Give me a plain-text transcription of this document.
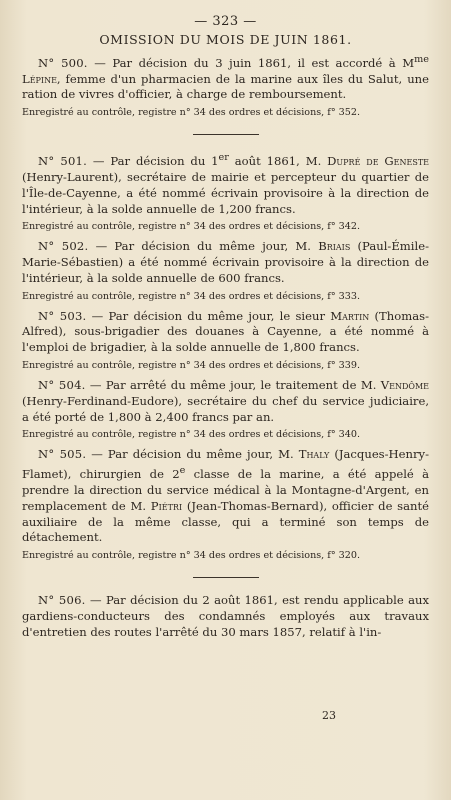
— 323 —
OMISSION DU MOIS DE JUIN 1861.

N° 500. — Par décision du 3 juin 1861, il est accordé à $M^{me}$ Lépine, femme d'un pharmacien de la marine aux îles du Salut, une ration de vivres d'officier, à charge de remboursement.

Enregistré au contrôle, registre n° 34 des ordres et décisions, f° 352.

N° 501. — Par décision du 1er août 1861, M. Dupré de Geneste (Henry-Laurent), secrétaire de mairie et percepteur du quartier de l'Île-de-Cayenne, a été nommé écrivain provisoire à la direction de l'intérieur, à la solde annuelle de 1,200 francs.

Enregistré au contrôle, registre n° 34 des ordres et décisions, f° 342.

N° 502. — Par décision du même jour, M. Briais (Paul-Émile-Marie-Sébastien) a été nommé écrivain provisoire à la direction de l'intérieur, à la solde annuelle de 600 francs.

Enregistré au contrôle, registre n° 34 des ordres et décisions, f° 333.

N° 503. — Par décision du même jour, le sieur Martin (Thomas-Alfred), sous-brigadier des douanes à Cayenne, a été nommé à l'emploi de brigadier, à la solde annuelle de 1,800 francs.

Enregistré au contrôle, registre n° 34 des ordres et décisions, f° 339.

N° 504. — Par arrêté du même jour, le traitement de M. Vendôme (Henry-Ferdinand-Eudore), secrétaire du chef du service judiciaire, a été porté de 1,800 à 2,400 francs par an.

Enregistré au contrôle, registre n° 34 des ordres et décisions, f° 340.

N° 505. — Par décision du même jour, M. Thaly (Jacques-Henry-Flamet), chirurgien de 2e classe de la marine, a été appelé à prendre la direction du service médical à la Montagne-d'Argent, en remplacement de M. Piétri (Jean-Thomas-Bernard), officier de santé auxiliaire de la même classe, qui a terminé son temps de détachement.

Enregistré au contrôle, registre n° 34 des ordres et décisions, f° 320.

N° 506. — Par décision du 2 août 1861, est rendu applicable aux gardiens-conducteurs des condamnés employés aux travaux d'entretien des routes l'arrêté du 30 mars 1857, relatif à l'in-

23
